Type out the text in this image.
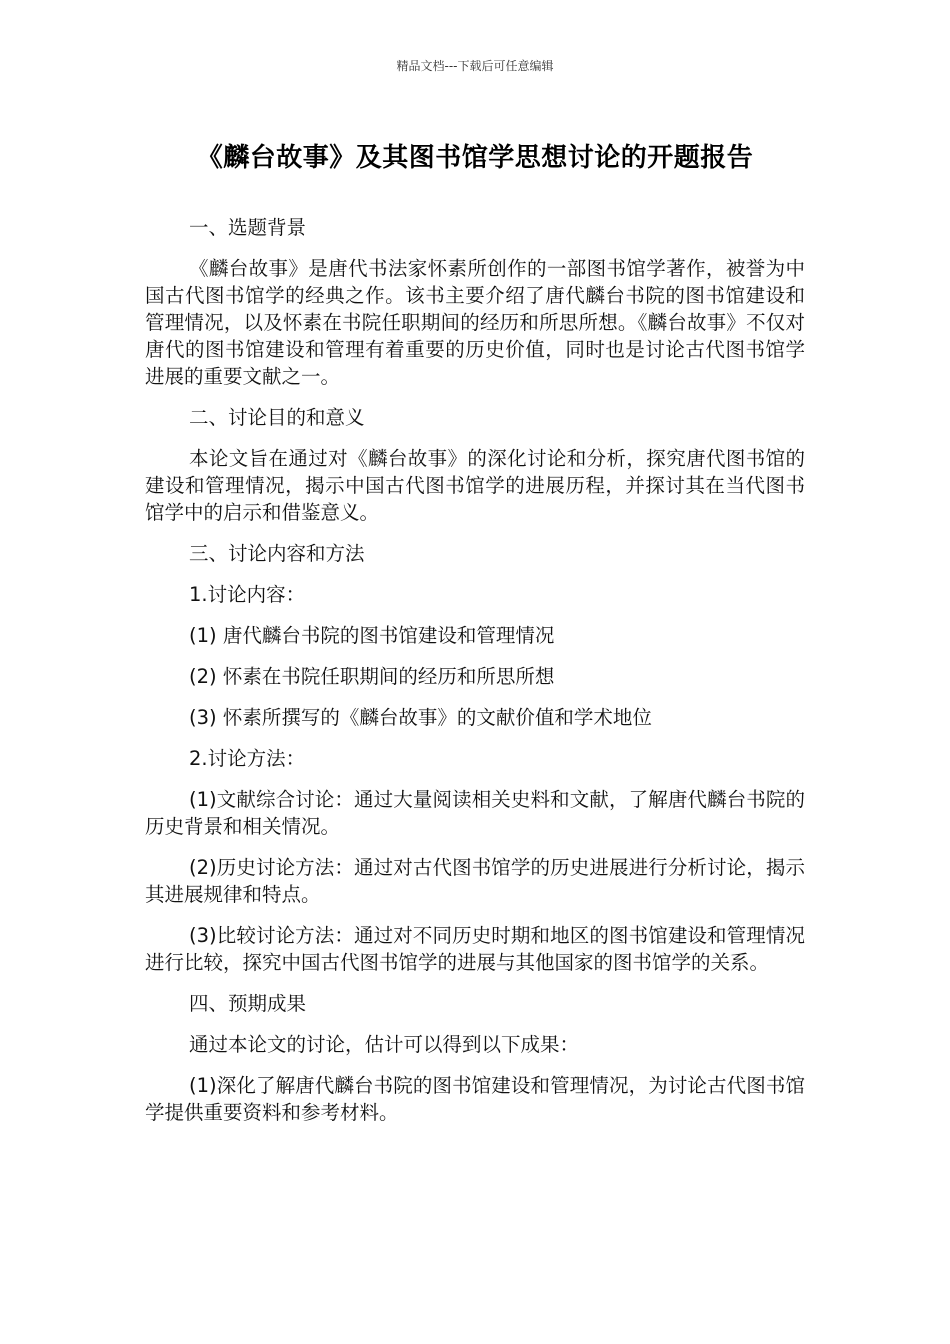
精品文档---下载后可任意编辑
《麟台故事》及其图书馆学思想讨论的开题报告

一、选题背景

《麟台故事》是唐代书法家怀素所创作的一部图书馆学著作，被誉为中国古代图书馆学的经典之作。该书主要介绍了唐代麟台书院的图书馆建设和管理情况，以及怀素在书院任职期间的经历和所思所想。《麟台故事》不仅对唐代的图书馆建设和管理有着重要的历史价值，同时也是讨论古代图书馆学进展的重要文献之一。

二、讨论目的和意义

本论文旨在通过对《麟台故事》的深化讨论和分析，探究唐代图书馆的建设和管理情况，揭示中国古代图书馆学的进展历程，并探讨其在当代图书馆学中的启示和借鉴意义。

三、讨论内容和方法

1.讨论内容：

(1) 唐代麟台书院的图书馆建设和管理情况

(2) 怀素在书院任职期间的经历和所思所想

(3) 怀素所撰写的《麟台故事》的文献价值和学术地位

2.讨论方法：

(1)文献综合讨论：通过大量阅读相关史料和文献，了解唐代麟台书院的历史背景和相关情况。

(2)历史讨论方法：通过对古代图书馆学的历史进展进行分析讨论，揭示其进展规律和特点。

(3)比较讨论方法：通过对不同历史时期和地区的图书馆建设和管理情况进行比较，探究中国古代图书馆学的进展与其他国家的图书馆学的关系。

四、预期成果

通过本论文的讨论，估计可以得到以下成果：

(1)深化了解唐代麟台书院的图书馆建设和管理情况，为讨论古代图书馆学提供重要资料和参考材料。
